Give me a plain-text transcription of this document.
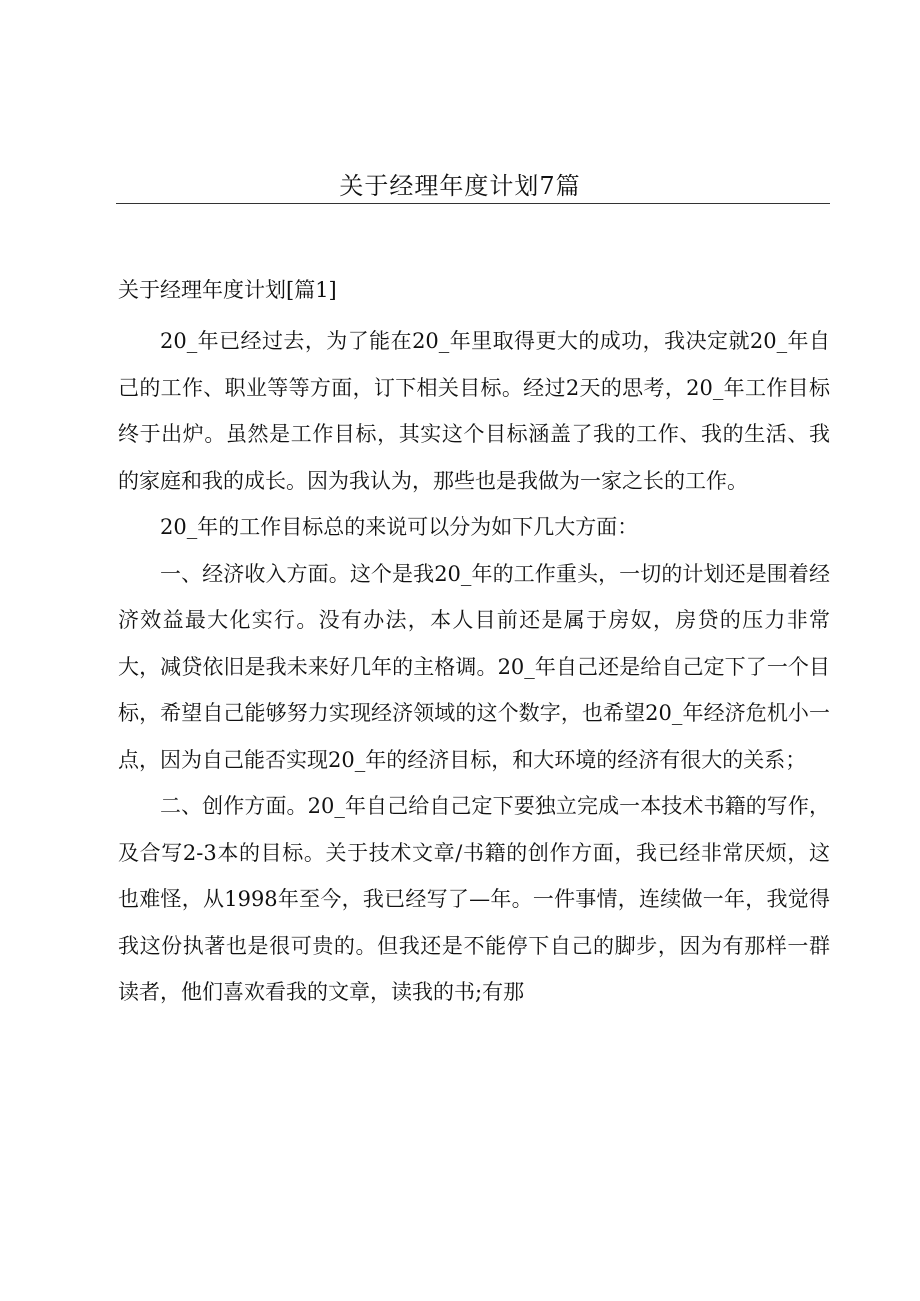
关于经理年度计划7篇
关于经理年度计划[篇1]

20_年已经过去，为了能在20_年里取得更大的成功，我决定就20_年自己的工作、职业等等方面，订下相关目标。经过2天的思考，20_年工作目标终于出炉。虽然是工作目标，其实这个目标涵盖了我的工作、我的生活、我的家庭和我的成长。因为我认为，那些也是我做为一家之长的工作。

20_年的工作目标总的来说可以分为如下几大方面：

一、经济收入方面。这个是我20_年的工作重头，一切的计划还是围着经济效益最大化实行。没有办法，本人目前还是属于房奴，房贷的压力非常大，减贷依旧是我未来好几年的主格调。20_年自己还是给自己定下了一个目标，希望自己能够努力实现经济领域的这个数字，也希望20_年经济危机小一点，因为自己能否实现20_年的经济目标，和大环境的经济有很大的关系；

二、创作方面。20_年自己给自己定下要独立完成一本技术书籍的写作，及合写2-3本的目标。关于技术文章/书籍的创作方面，我已经非常厌烦，这也难怪，从1998年至今，我已经写了—年。一件事情，连续做一年，我觉得我这份执著也是很可贵的。但我还是不能停下自己的脚步，因为有那样一群读者，他们喜欢看我的文章，读我的书;有那
